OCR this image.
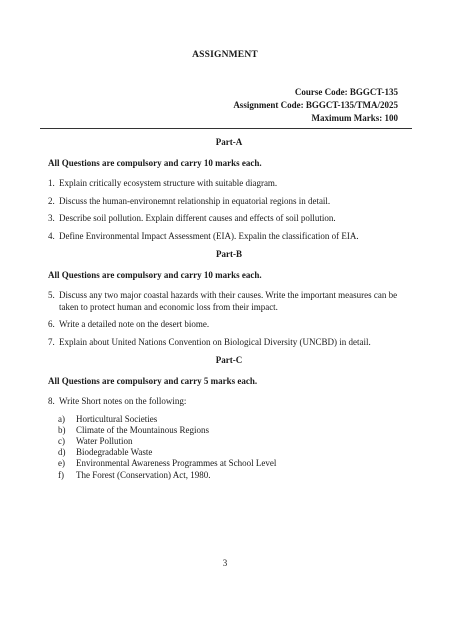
ASSIGNMENT
Course Code: BGGCT-135
Assignment Code: BGGCT-135/TMA/2025
Maximum Marks: 100
Part-A
All Questions are compulsory and carry 10 marks each.
1. Explain critically ecosystem structure with suitable diagram.
2. Discuss the human-environemnt relationship in equatorial regions in detail.
3. Describe soil pollution. Explain different causes and effects of soil pollution.
4. Define Environmental Impact Assessment (EIA). Expalin the classification of EIA.
Part-B
All Questions are compulsory and carry 10 marks each.
5. Discuss any two major coastal hazards with their causes. Write the important measures can be taken to protect human and economic loss from their impact.
6. Write a detailed note on the desert biome.
7. Explain about United Nations Convention on Biological Diversity (UNCBD) in detail.
Part-C
All Questions are compulsory and carry 5 marks each.
8. Write Short notes on the following:
a)	Horticultural Societies
b)	Climate of the Mountainous Regions
c)	Water Pollution
d)	Biodegradable Waste
e)	Environmental Awareness Programmes at School Level
f)	The Forest (Conservation) Act, 1980.
3
